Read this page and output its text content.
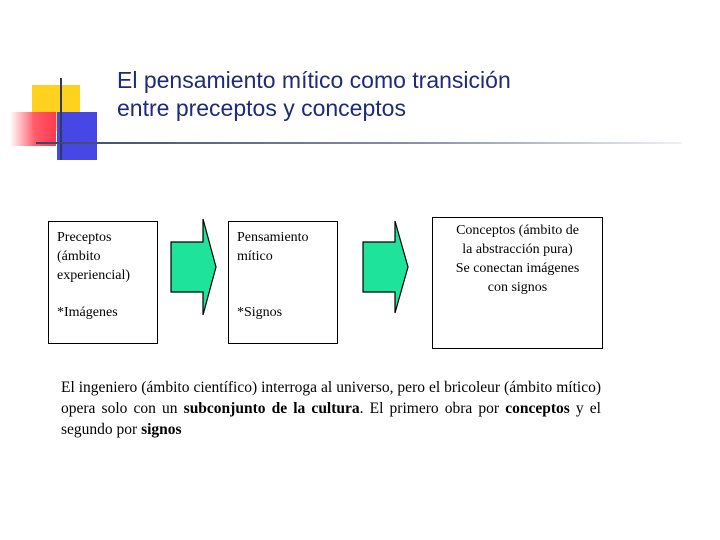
El pensamiento mítico como transición
entre preceptos y conceptos
Preceptos
(ámbito
experiencial)
*Imágenes
Pensamiento
mítico
*Signos
Conceptos (ámbito de
la abstracción pura)
Se conectan imágenes
con signos

El ingeniero (ámbito científico) interroga al universo, pero el bricoleur (ámbito mítico) opera solo con un subconjunto de la cultura. El primero obra por conceptos y el segundo por signos
